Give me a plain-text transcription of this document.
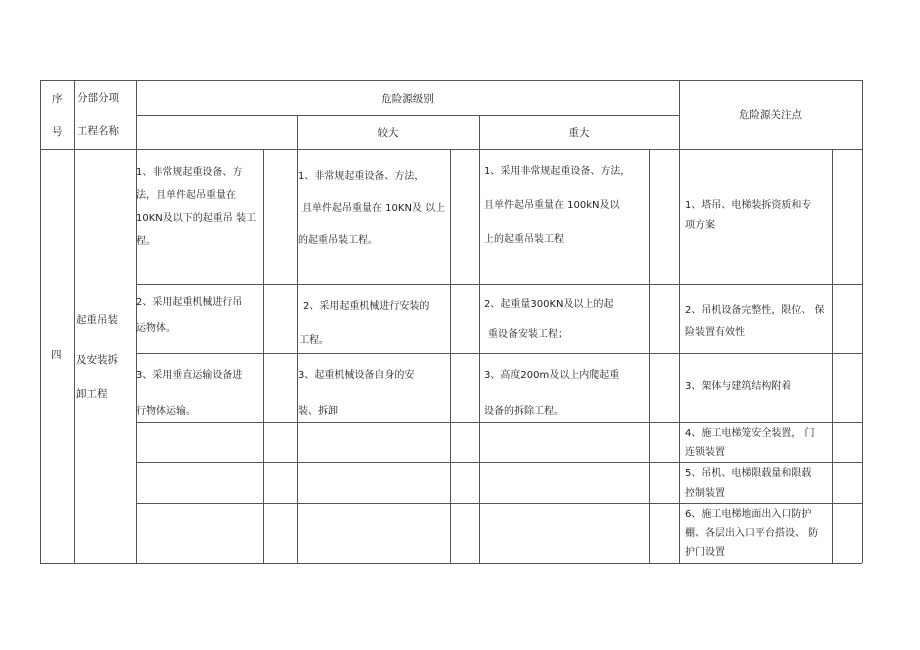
序
号
分部分项
工程名称
危险源级别
较大	重大
危险源关注点
四
起重吊装
及安装拆
卸工程
1、非常规起重设备、方
法，且单件起吊重量在
10KN及以下的起重吊 装工
程。
1、非常规起重设备、方法，
且单件起吊重量在 10KN及 以上
的起重吊装工程。
1、采用非常规起重设备、方法，
且单件起吊重量在 100kN及以
上的起重吊装工程
1、塔吊、电梯装拆资质和专
项方案
2、采用起重机械进行吊
运物体。
2、采用起重机械进行安装的
工程。
2、起重量300KN及以上的起
重设备安装工程；
2、吊机设备完整性，限位、 保
险装置有效性
3、采用垂直运输设备进
行物体运输。
3、起重机械设备自身的安
装、拆卸
3、高度200m及以上内爬起重
设备的拆除工程。
3、架体与建筑结构附着
4、施工电梯笼安全装置， 门
连锁装置
5、吊机、电梯限载量和限载
控制装置
6、施工电梯地面出入口防护
棚、各层出入口平台搭设、 防
护门设置
